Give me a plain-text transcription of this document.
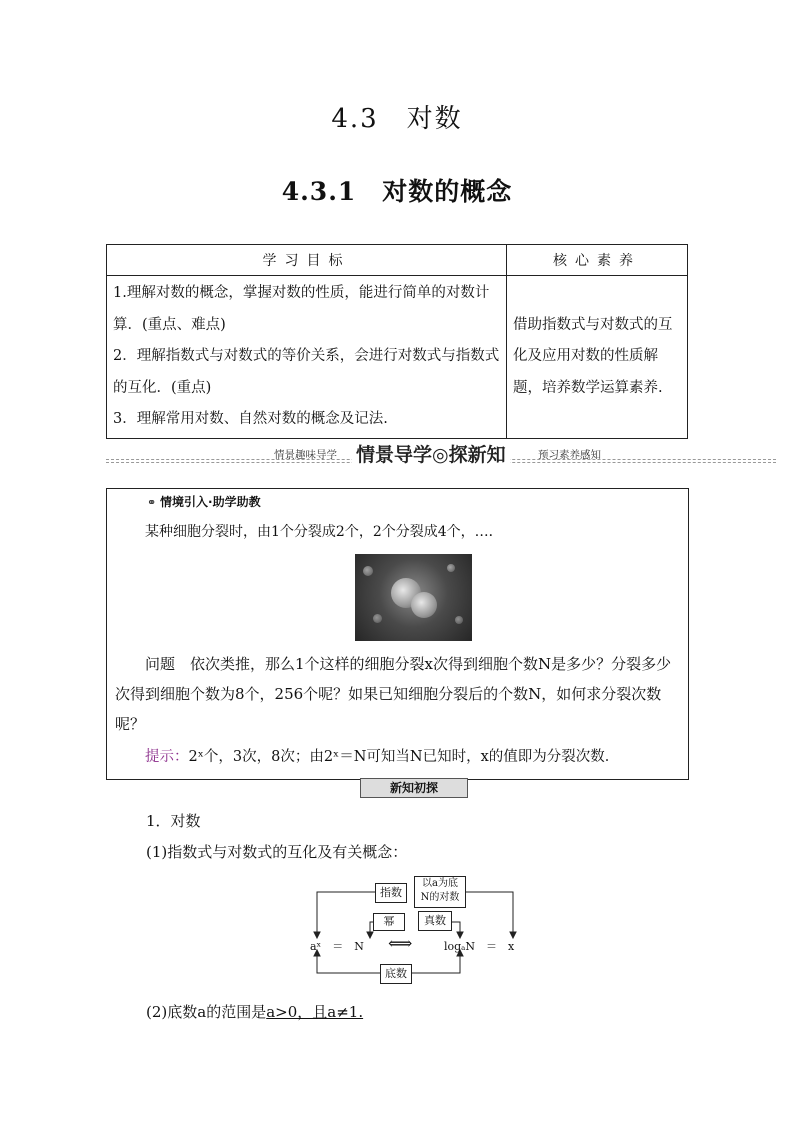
4.3　对数
4.3.1　对数的概念
学习目标	核心素养

1.理解对数的概念，掌握对数的性质，能进行简单的对数计算．(重点、难点)
2．理解指数式与对数式的等价关系，会进行对数式与指数式的互化．(重点)
3．理解常用对数、自然对数的概念及记法.	借助指数式与对数式的互化及应用对数的性质解题，培养数学运算素养.
情景趣味导学 情景导学◎探新知	预习素养感知
⚭ 情境引入·助学助教
某种细胞分裂时，由1个分裂成2个，2个分裂成4个，…．
问题　依次类推，那么1个这样的细胞分裂x次得到细胞个数N是多少？分裂多少次得到细胞个数为8个，256个呢？如果已知细胞分裂后的个数N，如何求分裂次数呢？
提示：2ˣ个，3次，8次；由2ˣ＝N可知当N已知时，x的值即为分裂次数．
新知初探
1．对数
(1)指数式与对数式的互化及有关概念：
指数
以a为底
N的对数
幂	真数
aˣ　＝　N ⟺	logₐN　＝　x
底数
(2)底数a的范围是a>0，且a≠1.
